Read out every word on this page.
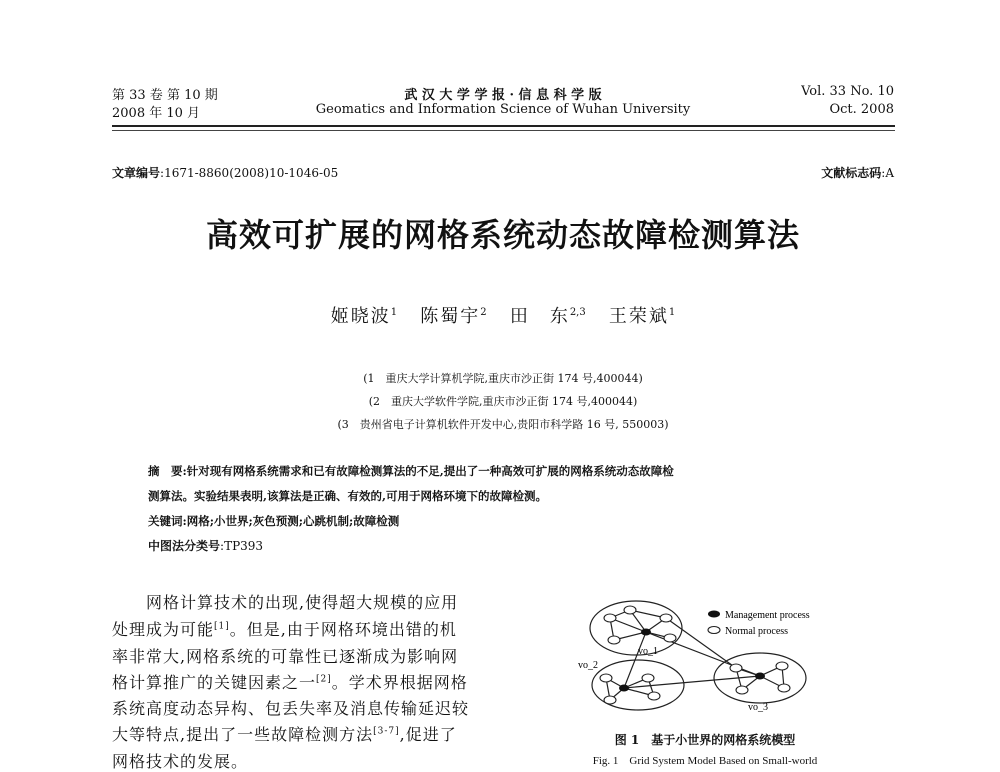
第 33 卷 第 10 期
2008 年 10 月
武 汉 大 学 学 报 · 信 息 科 学 版
Geomatics and Information Science of Wuhan University
Vol. 33 No. 10
Oct. 2008
文章编号:1671-8860(2008)10-1046-05	文献标志码:A
高效可扩展的网格系统动态故障检测算法
姬晓波$^1$ 陈蜀宇$^2$ 田　东$^{2,3}$ 王荣斌$^1$
(1　重庆大学计算机学院,重庆市沙正街 174 号,400044)
(2　重庆大学软件学院,重庆市沙正街 174 号,400044)
(3　贵州省电子计算机软件开发中心,贵阳市科学路 16 号, 550003)
摘　要:针对现有网格系统需求和已有故障检测算法的不足,提出了一种高效可扩展的网格系统动态故障检
测算法。实验结果表明,该算法是正确、有效的,可用于网格环境下的故障检测。
关键词:网格;小世界;灰色预测;心跳机制;故障检测
中图法分类号:TP393
　　网格计算技术的出现,使得超大规模的应用
处理成为可能[1]。但是,由于网格环境出错的机
率非常大,网格系统的可靠性已逐渐成为影响网
格计算推广的关键因素之一[2]。学术界根据网格
系统高度动态异构、包丢失率及消息传输延迟较
大等特点,提出了一些故障检测方法[3-7],促进了
网格技术的发展。
Management process
Normal process
vo_1
vo_2
vo_3
图 1　基于小世界的网格系统模型
Fig. 1　Grid System Model Based on Small-world
